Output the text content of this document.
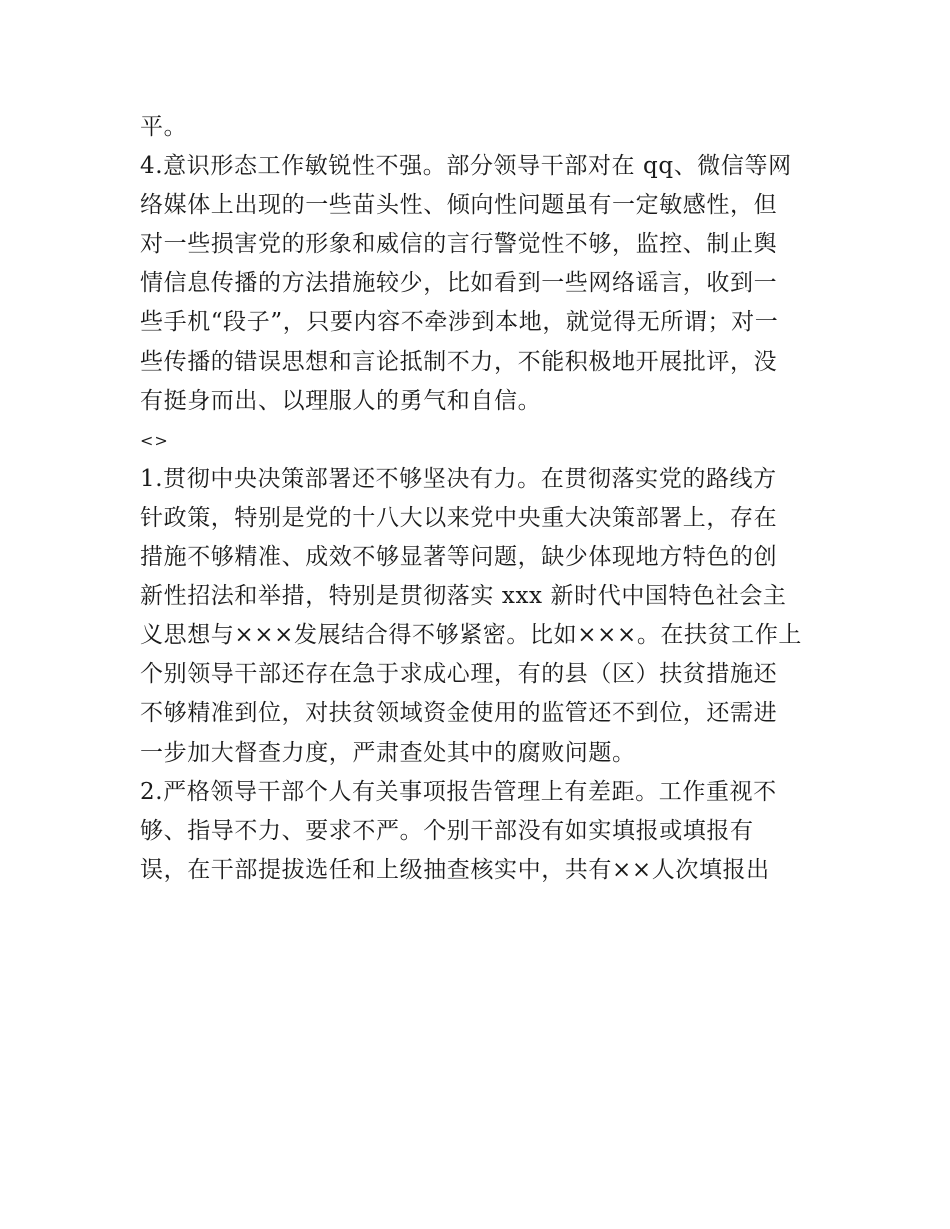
平。
4.意识形态工作敏锐性不强。部分领导干部对在 qq、微信等网
络媒体上出现的一些苗头性、倾向性问题虽有一定敏感性，但
对一些损害党的形象和威信的言行警觉性不够，监控、制止舆
情信息传播的方法措施较少，比如看到一些网络谣言，收到一
些手机“段子”，只要内容不牵涉到本地，就觉得无所谓；对一
些传播的错误思想和言论抵制不力，不能积极地开展批评，没
有挺身而出、以理服人的勇气和自信。
<>
1.贯彻中央决策部署还不够坚决有力。在贯彻落实党的路线方
针政策，特别是党的十八大以来党中央重大决策部署上，存在
措施不够精准、成效不够显著等问题，缺少体现地方特色的创
新性招法和举措，特别是贯彻落实 xxx 新时代中国特色社会主
义思想与×××发展结合得不够紧密。比如×××。在扶贫工作上
个别领导干部还存在急于求成心理，有的县（区）扶贫措施还
不够精准到位，对扶贫领域资金使用的监管还不到位，还需进
一步加大督查力度，严肃查处其中的腐败问题。
2.严格领导干部个人有关事项报告管理上有差距。工作重视不
够、指导不力、要求不严。个别干部没有如实填报或填报有
误，在干部提拔选任和上级抽查核实中，共有××人次填报出
